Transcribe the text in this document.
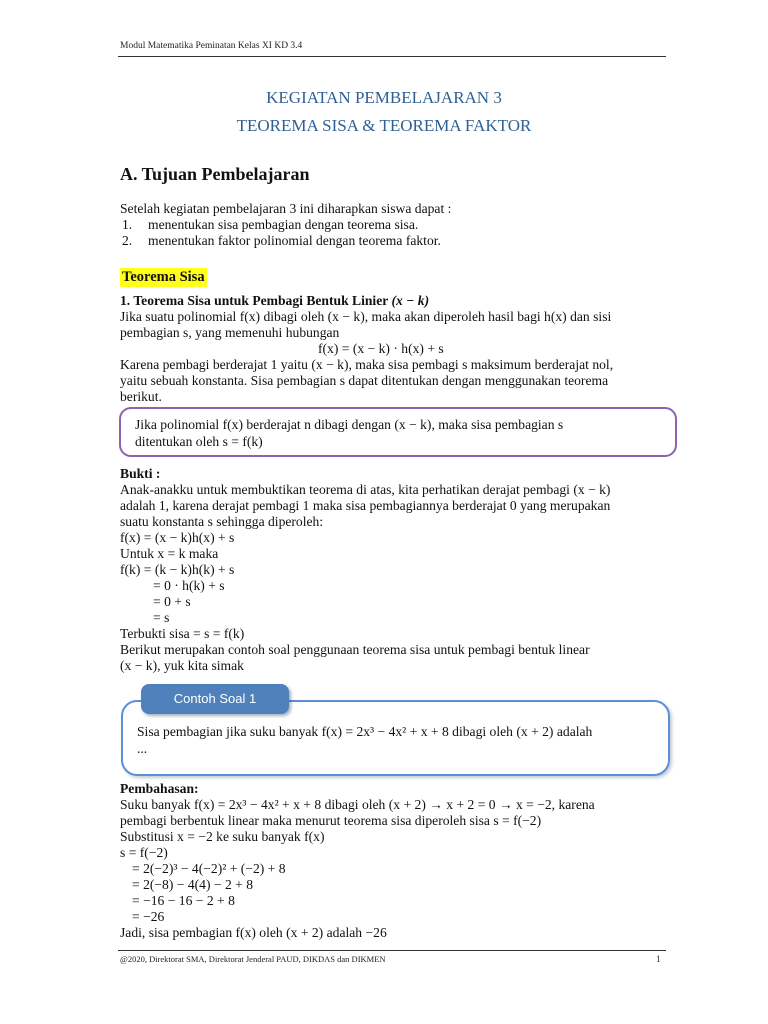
Modul Matematika Peminatan Kelas XI KD 3.4
KEGIATAN PEMBELAJARAN 3
TEOREMA SISA & TEOREMA FAKTOR
A. Tujuan Pembelajaran
Setelah kegiatan pembelajaran 3 ini diharapkan siswa dapat :
1. menentukan sisa pembagian dengan teorema sisa.
2. menentukan faktor polinomial dengan teorema faktor.
Teorema Sisa
1. Teorema Sisa untuk Pembagi Bentuk Linier (x − k)
Jika suatu polinomial f(x) dibagi oleh (x − k), maka akan diperoleh hasil bagi h(x) dan sisi
pembagian s, yang memenuhi hubungan
f(x) = (x − k) · h(x) + s
Karena pembagi berderajat 1 yaitu (x − k), maka sisa pembagi s maksimum berderajat nol,
yaitu sebuah konstanta. Sisa pembagian s dapat ditentukan dengan menggunakan teorema
berikut.
Jika polinomial f(x) berderajat n dibagi dengan (x − k), maka sisa pembagian s
ditentukan oleh s = f(k)
Bukti :
Anak-anakku untuk membuktikan teorema di atas, kita perhatikan derajat pembagi (x − k)
adalah 1, karena derajat pembagi 1 maka sisa pembagiannya berderajat 0 yang merupakan
suatu konstanta s sehingga diperoleh:
f(x) = (x − k)h(x) + s
Untuk x = k maka
f(k) = (k − k)h(k) + s
= 0 · h(k) + s
= 0 + s
= s
Terbukti sisa = s = f(k)
Berikut merupakan contoh soal penggunaan teorema sisa untuk pembagi bentuk linear
(x − k), yuk kita simak
Contoh Soal 1
Sisa pembagian jika suku banyak f(x) = 2x³ − 4x² + x + 8 dibagi oleh (x + 2) adalah
...
Pembahasan:
Suku banyak f(x) = 2x³ − 4x² + x + 8 dibagi oleh (x + 2) → x + 2 = 0 → x = −2, karena
pembagi berbentuk linear maka menurut teorema sisa diperoleh sisa s = f(−2)
Substitusi x = −2 ke suku banyak f(x)
s = f(−2)
= 2(−2)³ − 4(−2)² + (−2) + 8
= 2(−8) − 4(4) − 2 + 8
= −16 − 16 − 2 + 8
= −26
Jadi, sisa pembagian f(x) oleh (x + 2) adalah −26
@2020, Direktorat SMA, Direktorat Jenderal PAUD, DIKDAS dan DIKMEN	1
